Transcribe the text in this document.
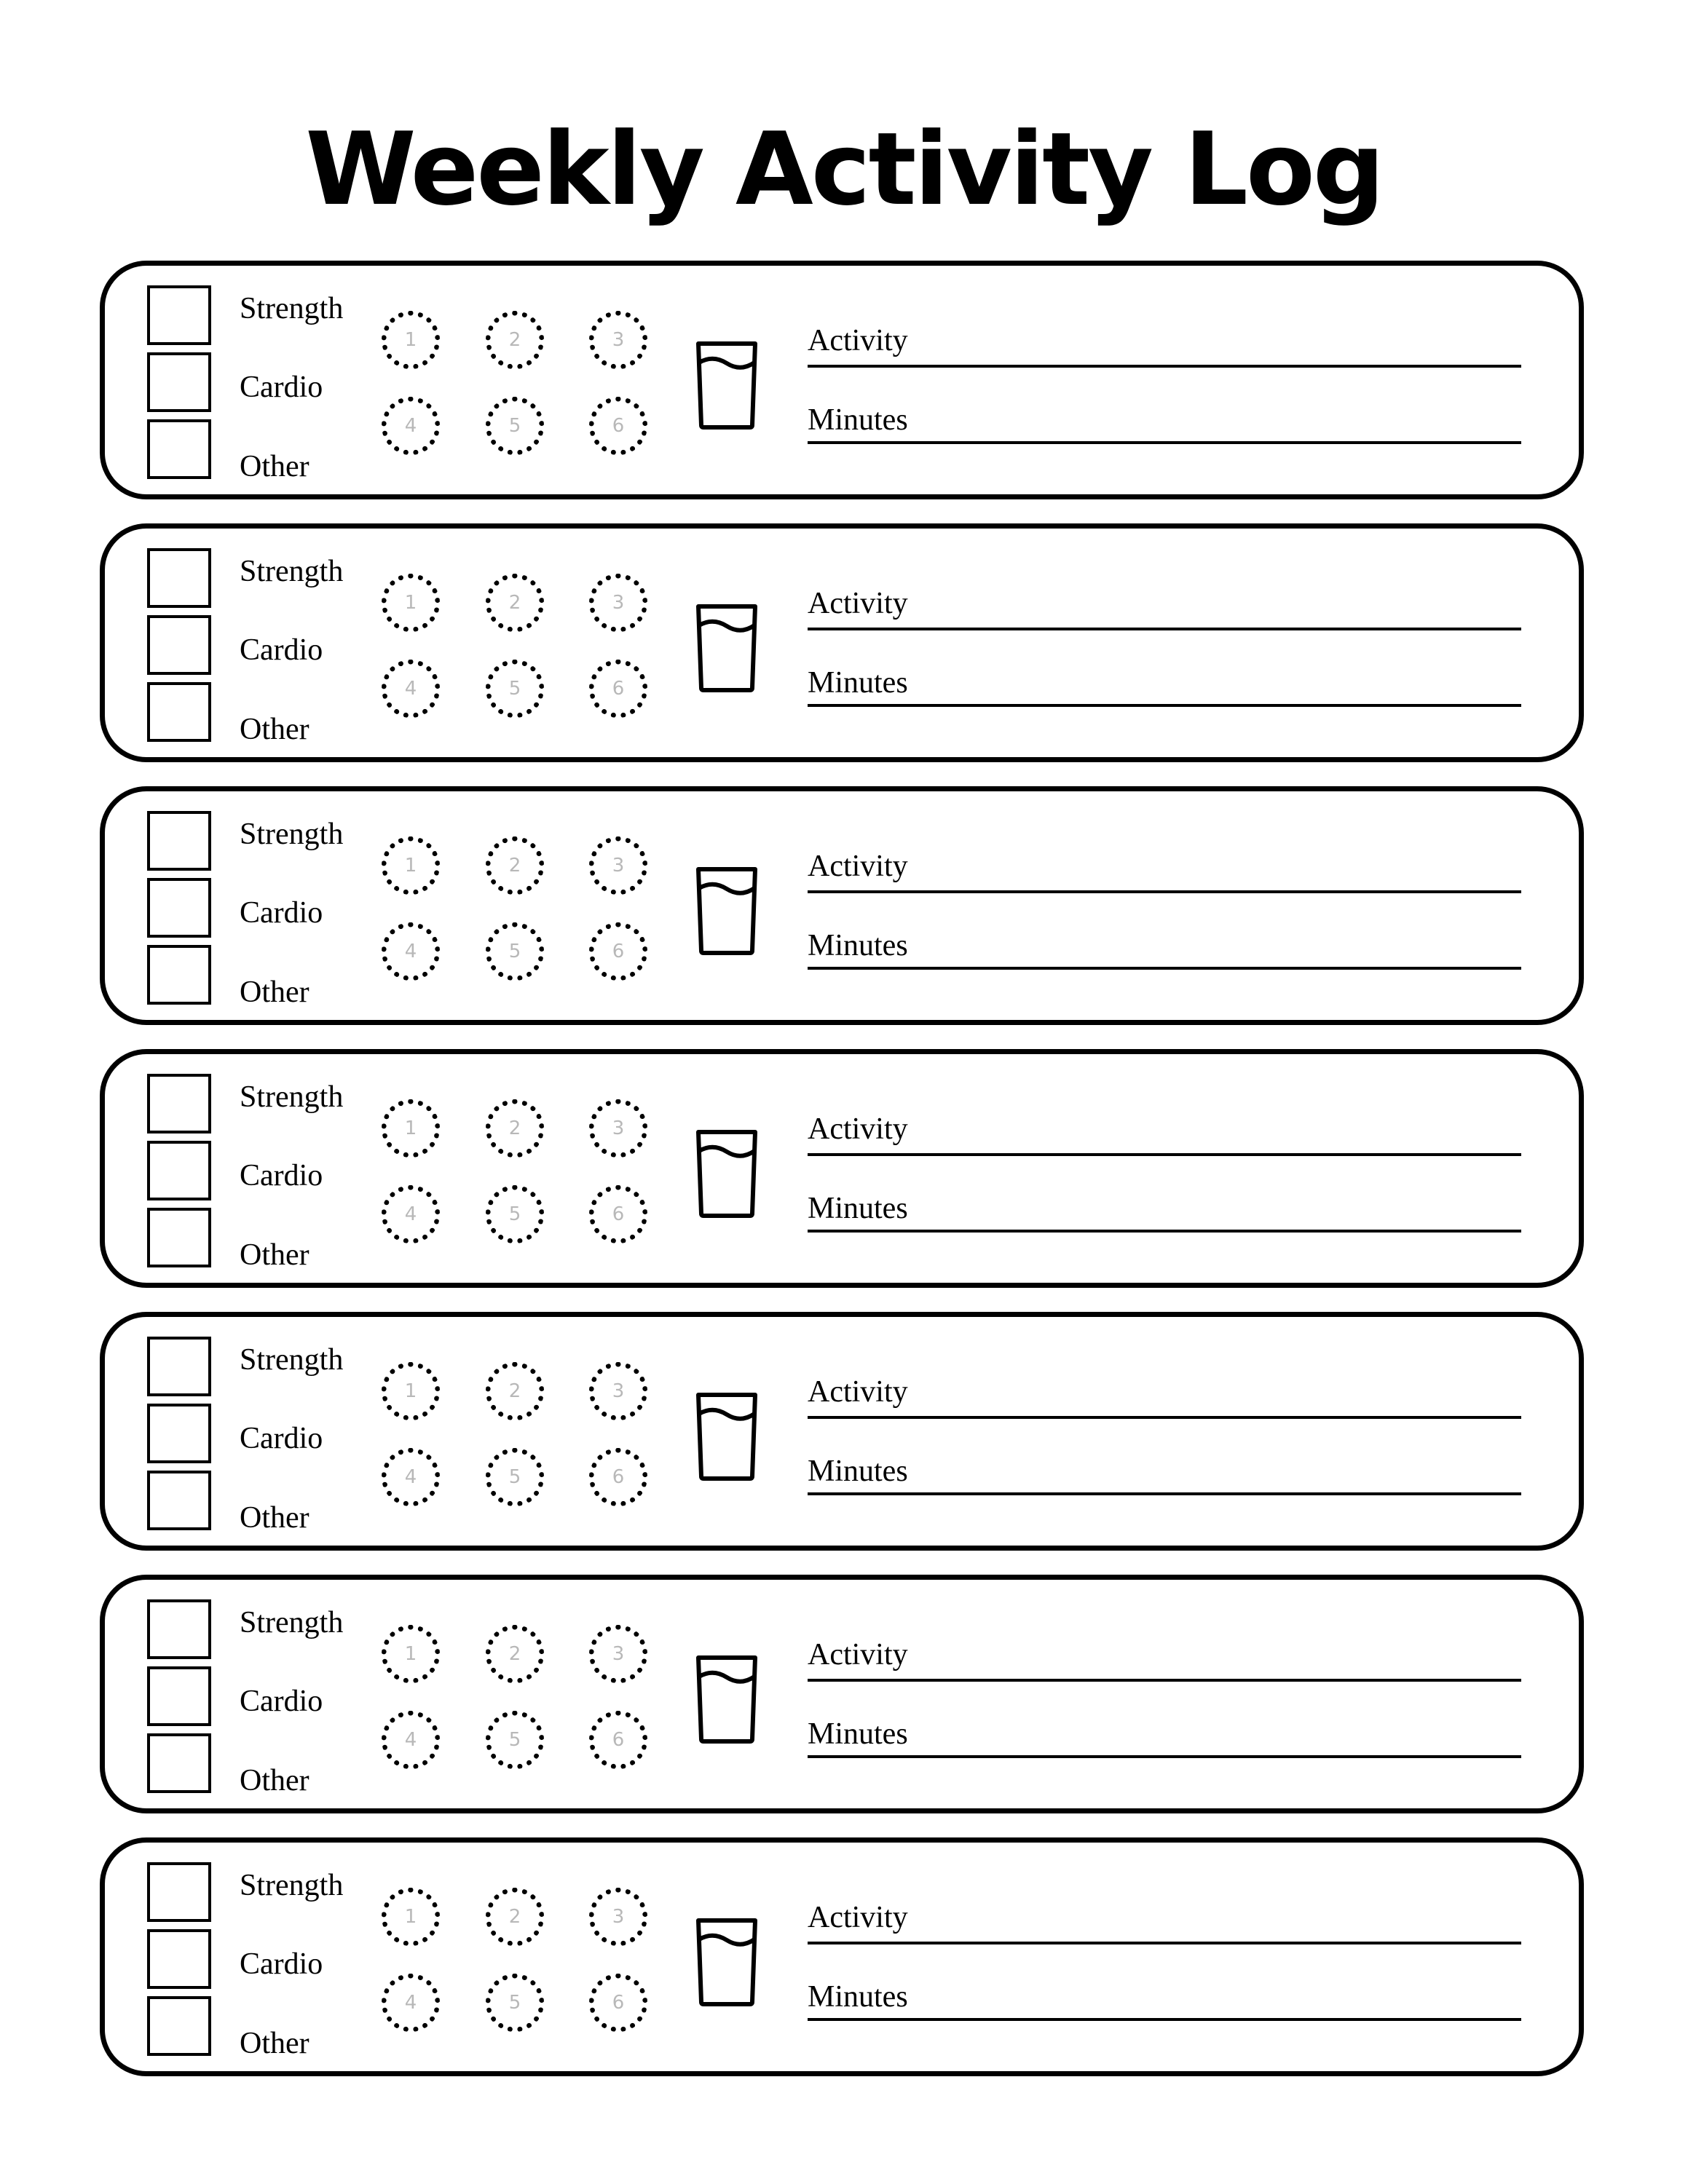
Weekly Activity Log
Strength
Cardio
Other
1	2	3
4	5	6
Activity
Minutes
Strength
Cardio
Other
1	2	3
4	5	6
Activity
Minutes
Strength
Cardio
Other
1	2	3
4	5	6
Activity
Minutes
Strength
Cardio
Other
1	2	3
4	5	6
Activity
Minutes
Strength
Cardio
Other
1	2	3
4	5	6
Activity
Minutes
Strength
Cardio
Other
1	2	3
4	5	6
Activity
Minutes
Strength
Cardio
Other
1	2	3
4	5	6
Activity
Minutes
